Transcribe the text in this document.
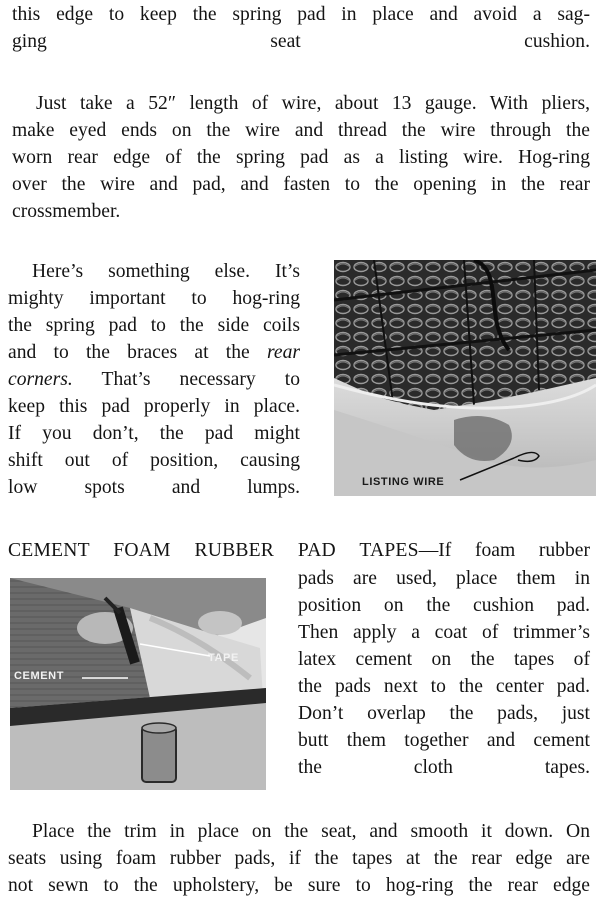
this edge to keep the spring pad in place and avoid a sag-
ging seat cushion.
Just take a 52″ length of wire, about 13 gauge. With pliers,
make eyed ends on the wire and thread the wire through the
worn rear edge of the spring pad as a listing wire. Hog-ring
over the wire and pad, and fasten to the opening in the rear
crossmember.
Here’s something else. It’s
mighty important to hog-ring
the spring pad to the side coils
and to the braces at the rear
corners. That’s necessary to
keep this pad properly in place.
If you don’t, the pad might
shift out of position, causing
low spots and lumps.	LISTING WIRE
CEMENT FOAM RUBBER PAD TAPES—If foam rubber
CEMENT
TAPE
pads are used, place them in
position on the cushion pad.
Then apply a coat of trimmer’s
latex cement on the tapes of
the pads next to the center pad.
Don’t overlap the pads, just
butt them together and cement
the cloth tapes.
Place the trim in place on the seat, and smooth it down. On
seats using foam rubber pads, if the tapes at the rear edge are
not sewn to the upholstery, be sure to hog-ring the rear edge
